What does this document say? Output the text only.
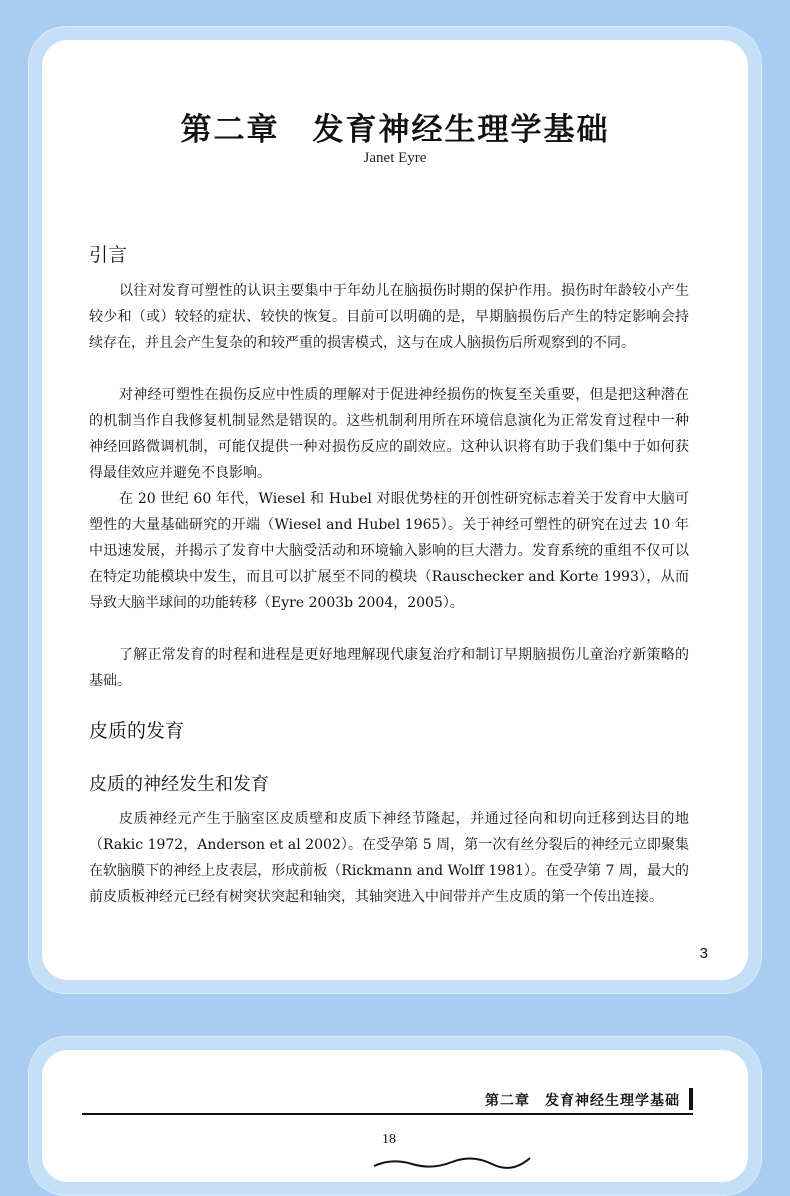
第二章　发育神经生理学基础
Janet Eyre
引言

以往对发育可塑性的认识主要集中于年幼儿在脑损伤时期的保护作用。损伤时年龄较小产生较少和（或）较轻的症状、较快的恢复。目前可以明确的是，早期脑损伤后产生的特定影响会持续存在，并且会产生复杂的和较严重的损害模式，这与在成人脑损伤后所观察到的不同。

对神经可塑性在损伤反应中性质的理解对于促进神经损伤的恢复至关重要，但是把这种潜在的机制当作自我修复机制显然是错误的。这些机制利用所在环境信息演化为正常发育过程中一种神经回路微调机制，可能仅提供一种对损伤反应的副效应。这种认识将有助于我们集中于如何获得最佳效应并避免不良影响。

在 20 世纪 60 年代，Wiesel 和 Hubel 对眼优势柱的开创性研究标志着关于发育中大脑可塑性的大量基础研究的开端（Wiesel and Hubel 1965）。关于神经可塑性的研究在过去 10 年中迅速发展，并揭示了发育中大脑受活动和环境输入影响的巨大潜力。发育系统的重组不仅可以在特定功能模块中发生，而且可以扩展至不同的模块（Rauschecker and Korte 1993），从而导致大脑半球间的功能转移（Eyre 2003b 2004，2005）。

了解正常发育的时程和进程是更好地理解现代康复治疗和制订早期脑损伤儿童治疗新策略的基础。

皮质的发育
皮质的神经发生和发育

皮质神经元产生于脑室区皮质壁和皮质下神经节隆起，并通过径向和切向迁移到达目的地（Rakic 1972，Anderson et al 2002）。在受孕第 5 周，第一次有丝分裂后的神经元立即聚集在软脑膜下的神经上皮表层，形成前板（Rickmann and Wolff 1981）。在受孕第 7 周，最大的前皮质板神经元已经有树突状突起和轴突，其轴突进入中间带并产生皮质的第一个传出连接。

3
第二章　发育神经生理学基础
18
